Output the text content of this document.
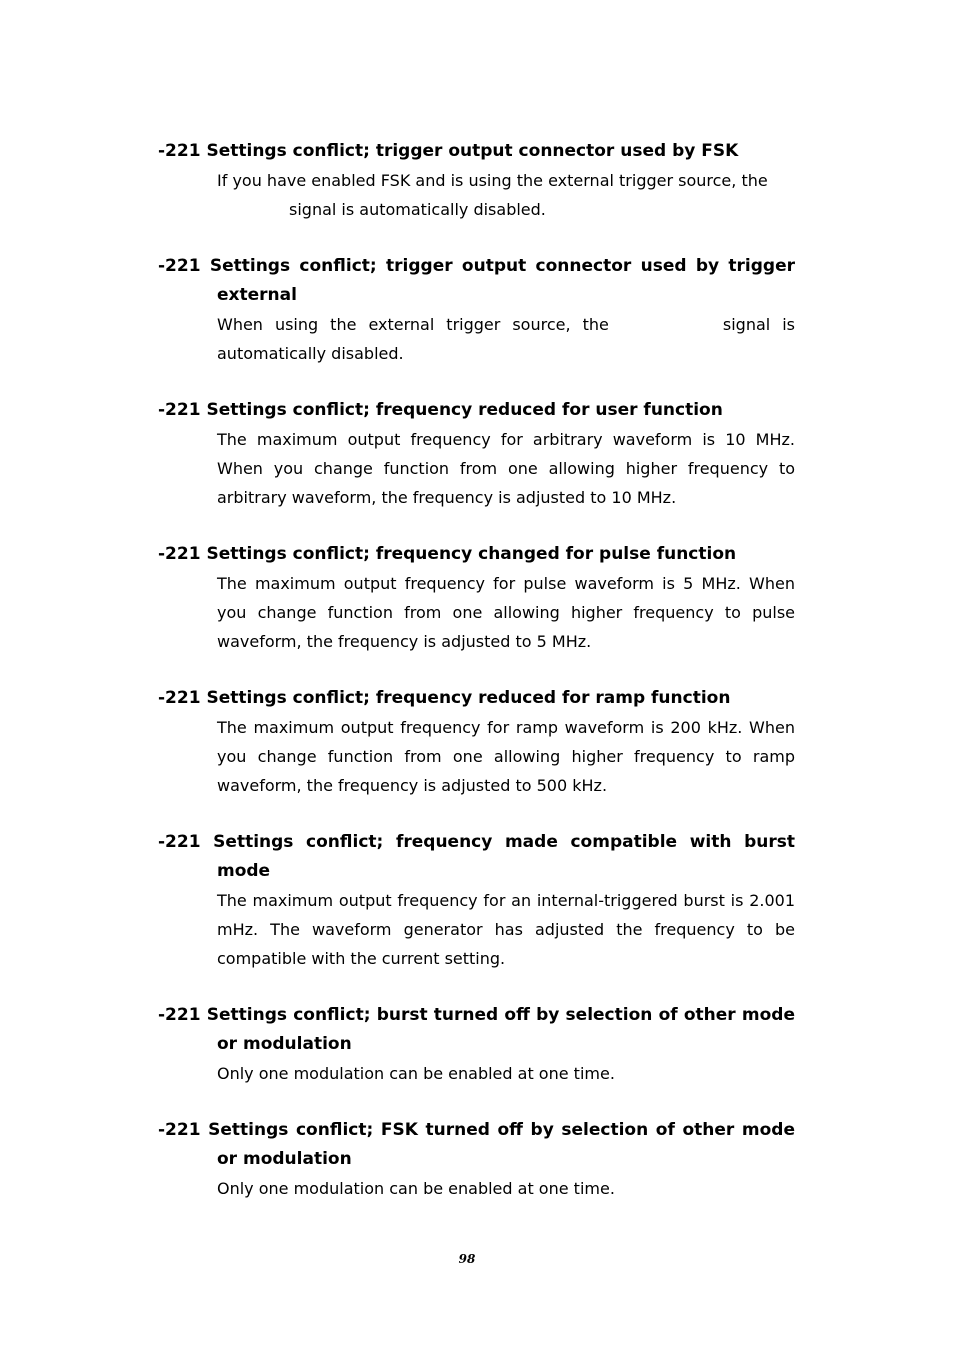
-221 Settings conflict; trigger output connector used by FSK

If you have enabled FSK and is using the external trigger source, the
signal is automatically disabled.

-221 Settings conflict; trigger output connector used by trigger external

When using the external trigger source, the	signal is automatically disabled.

-221 Settings conflict; frequency reduced for user function

The maximum output frequency for arbitrary waveform is 10 MHz. When you change function from one allowing higher frequency to arbitrary waveform, the frequency is adjusted to 10 MHz.

-221 Settings conflict; frequency changed for pulse function

The maximum output frequency for pulse waveform is 5 MHz. When you change function from one allowing higher frequency to pulse waveform, the frequency is adjusted to 5 MHz.

-221 Settings conflict; frequency reduced for ramp function

The maximum output frequency for ramp waveform is 200 kHz. When you change function from one allowing higher frequency to ramp waveform, the frequency is adjusted to 500 kHz.

-221 Settings conflict; frequency made compatible with burst mode

The maximum output frequency for an internal-triggered burst is 2.001 mHz. The waveform generator has adjusted the frequency to be compatible with the current setting.

-221 Settings conflict; burst turned off by selection of other mode or modulation

Only one modulation can be enabled at one time.

-221 Settings conflict; FSK turned off by selection of other mode or modulation

Only one modulation can be enabled at one time.

98
